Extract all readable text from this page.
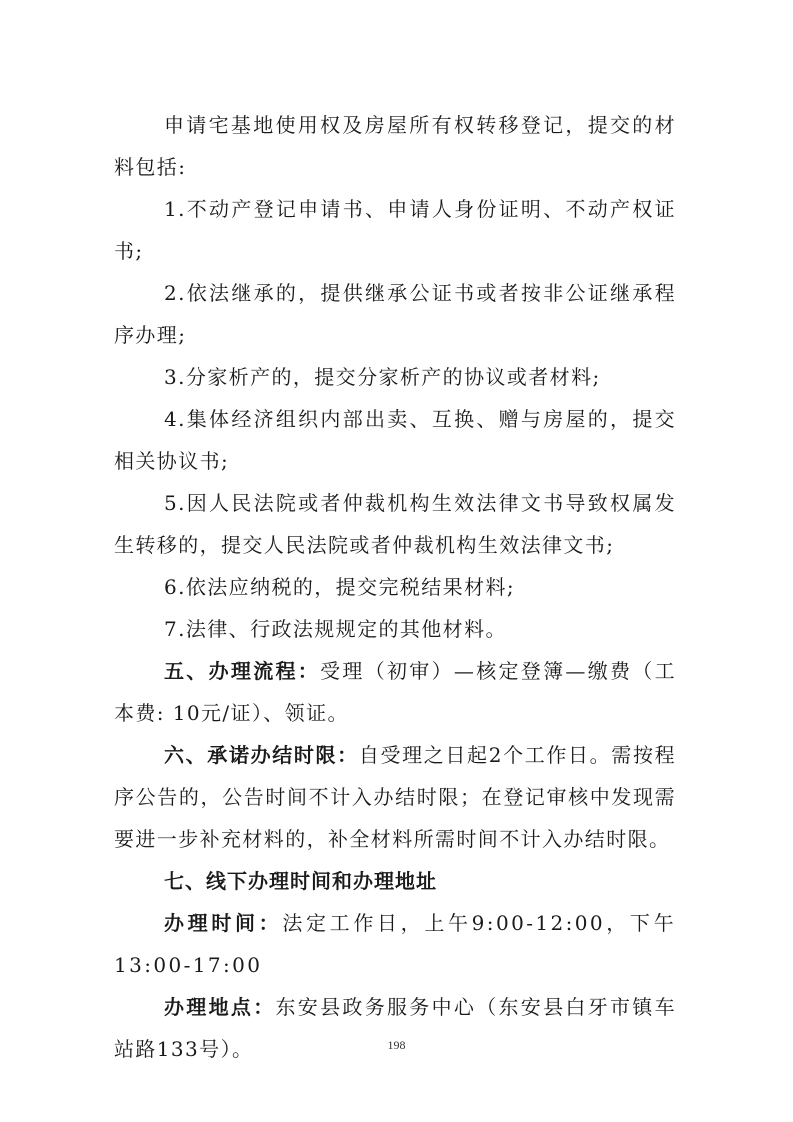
申请宅基地使用权及房屋所有权转移登记，提交的材料包括:

1.不动产登记申请书、申请人身份证明、不动产权证书;

2.依法继承的，提供继承公证书或者按非公证继承程序办理;

3.分家析产的，提交分家析产的协议或者材料;

4.集体经济组织内部出卖、互换、赠与房屋的，提交相关协议书;

5.因人民法院或者仲裁机构生效法律文书导致权属发生转移的，提交人民法院或者仲裁机构生效法律文书;

6.依法应纳税的，提交完税结果材料;

7.法律、行政法规规定的其他材料。

五、办理流程：受理（初审）—核定登簿—缴费（工本费: 10元/证）、领证。

六、承诺办结时限：自受理之日起2个工作日。需按程序公告的，公告时间不计入办结时限；在登记审核中发现需要进一步补充材料的，补全材料所需时间不计入办结时限。

七、线下办理时间和办理地址

办理时间：法定工作日，上午9:00-12:00，下午13:00-17:00

办理地点：东安县政务服务中心（东安县白牙市镇车站路133号）。	198
